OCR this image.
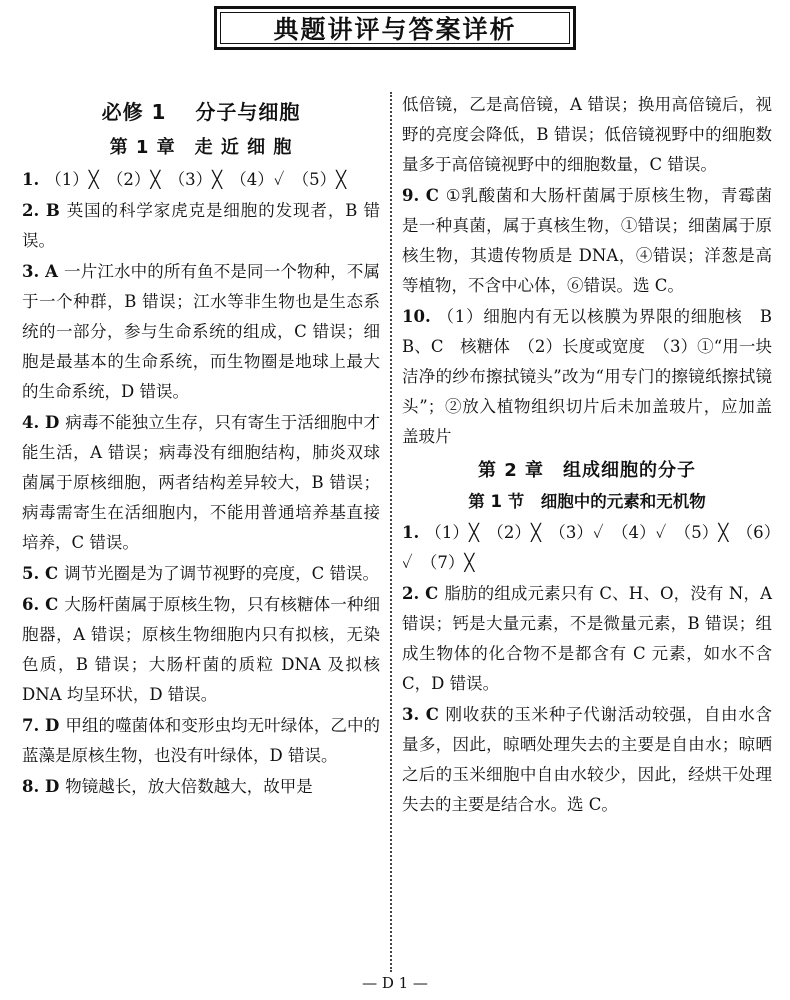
典题讲评与答案详析
必修 1　 分子与细胞
第 1 章　走 近 细 胞
1. （1）╳　（2）╳　（3）╳　（4）✓　（5）╳
2. B 英国的科学家虎克是细胞的发现者，B 错误。
3. A 一片江水中的所有鱼不是同一个物种，不属于一个种群，B 错误；江水等非生物也是生态系统的一部分，参与生命系统的组成，C 错误；细胞是最基本的生命系统，而生物圈是地球上最大的生命系统，D 错误。
4. D 病毒不能独立生存，只有寄生于活细胞中才能生活，A 错误；病毒没有细胞结构，肺炎双球菌属于原核细胞，两者结构差异较大，B 错误；病毒需寄生在活细胞内，不能用普通培养基直接培养，C 错误。
5. C 调节光圈是为了调节视野的亮度，C 错误。
6. C 大肠杆菌属于原核生物，只有核糖体一种细胞器，A 错误；原核生物细胞内只有拟核，无染色质，B 错误；大肠杆菌的质粒 DNA 及拟核 DNA 均呈环状，D 错误。
7. D 甲组的噬菌体和变形虫均无叶绿体，乙中的蓝藻是原核生物，也没有叶绿体，D 错误。
8. D 物镜越长，放大倍数越大，故甲是
低倍镜，乙是高倍镜，A 错误；换用高倍镜后，视野的亮度会降低，B 错误；低倍镜视野中的细胞数量多于高倍镜视野中的细胞数量，C 错误。
9. C ①乳酸菌和大肠杆菌属于原核生物，青霉菌是一种真菌，属于真核生物，①错误；细菌属于原核生物，其遗传物质是 DNA，④错误；洋葱是高等植物，不含中心体，⑥错误。选 C。
10. （1）细胞内有无以核膜为界限的细胞核　B　B、C　核糖体　（2）长度或宽度　（3）①“用一块洁净的纱布擦拭镜头”改为“用专门的擦镜纸擦拭镜头”；②放入植物组织切片后未加盖玻片，应加盖盖玻片
第 2 章　组成细胞的分子
第 1 节　细胞中的元素和无机物
1. （1）╳　（2）╳　（3）✓　（4）✓　（5）╳　（6）✓　（7）╳
2. C 脂肪的组成元素只有 C、H、O，没有 N，A 错误；钙是大量元素，不是微量元素，B 错误；组成生物体的化合物不是都含有 C 元素，如水不含 C，D 错误。
3. C 刚收获的玉米种子代谢活动较强，自由水含量多，因此，晾晒处理失去的主要是自由水；晾晒之后的玉米细胞中自由水较少，因此，经烘干处理失去的主要是结合水。选 C。
— D 1 —
